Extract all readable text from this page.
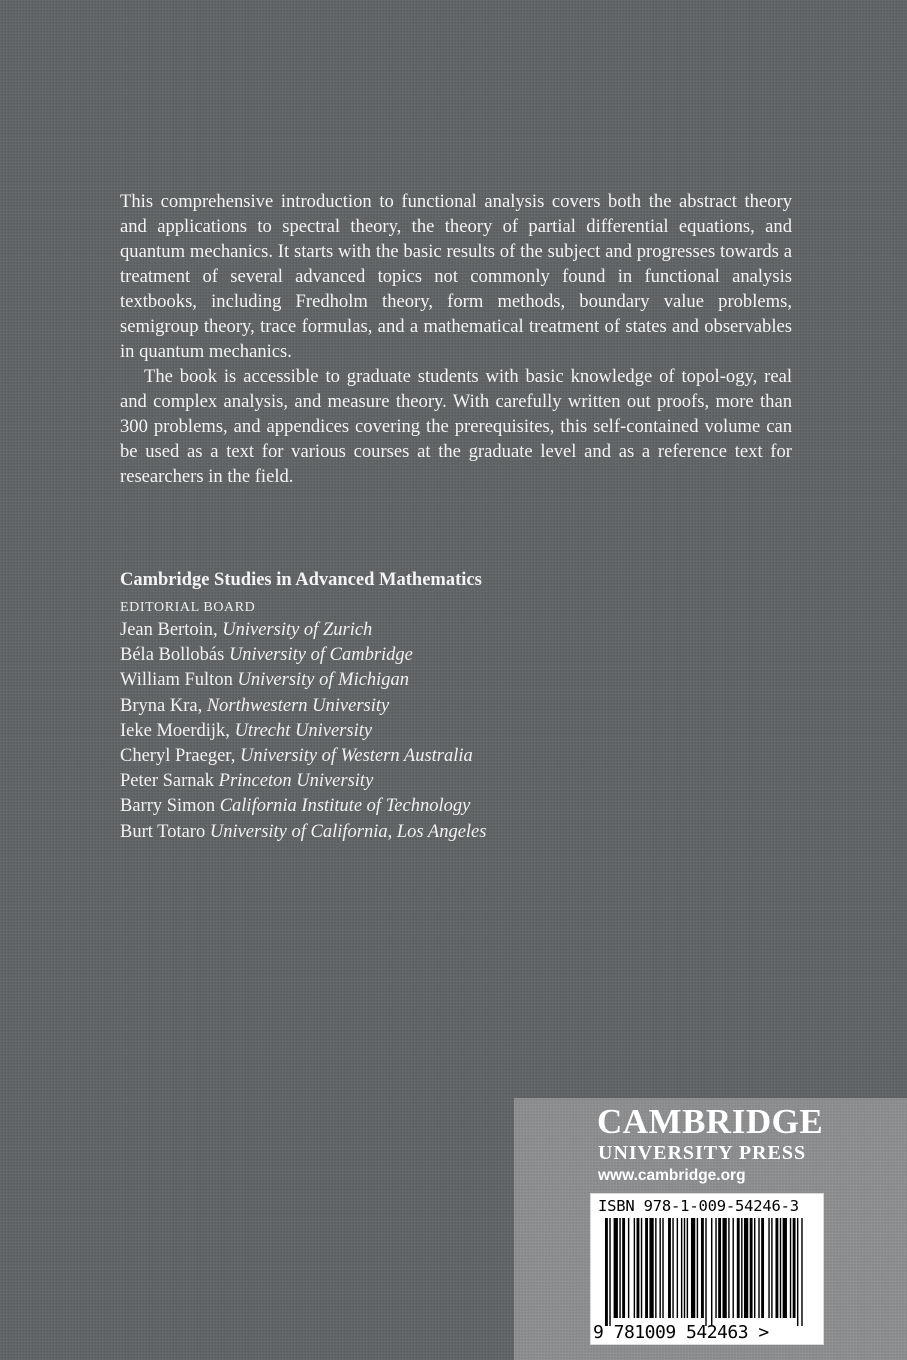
This comprehensive introduction to functional analysis covers both the abstract theory and applications to spectral theory, the theory of partial differential equations, and quantum mechanics. It starts with the basic results of the subject and progresses towards a treatment of several advanced topics not commonly found in functional analysis textbooks, including Fredholm theory, form methods, boundary value problems, semigroup theory, trace formulas, and a mathematical treatment of states and observables in quantum mechanics.

The book is accessible to graduate students with basic knowledge of topol-ogy, real and complex analysis, and measure theory. With carefully written out proofs, more than 300 problems, and appendices covering the prerequisites, this self-contained volume can be used as a text for various courses at the graduate level and as a reference text for researchers in the field.

Cambridge Studies in Advanced Mathematics
EDITORIAL BOARD
Jean Bertoin, University of Zurich
Béla Bollobás University of Cambridge
William Fulton University of Michigan
Bryna Kra, Northwestern University
Ieke Moerdijk, Utrecht University
Cheryl Praeger, University of Western Australia
Peter Sarnak Princeton University
Barry Simon California Institute of Technology
Burt Totaro University of California, Los Angeles
CAMBRIDGE
UNIVERSITY PRESS
www.cambridge.org
ISBN 978-1-009-54246-3
9 781009 542463 >
